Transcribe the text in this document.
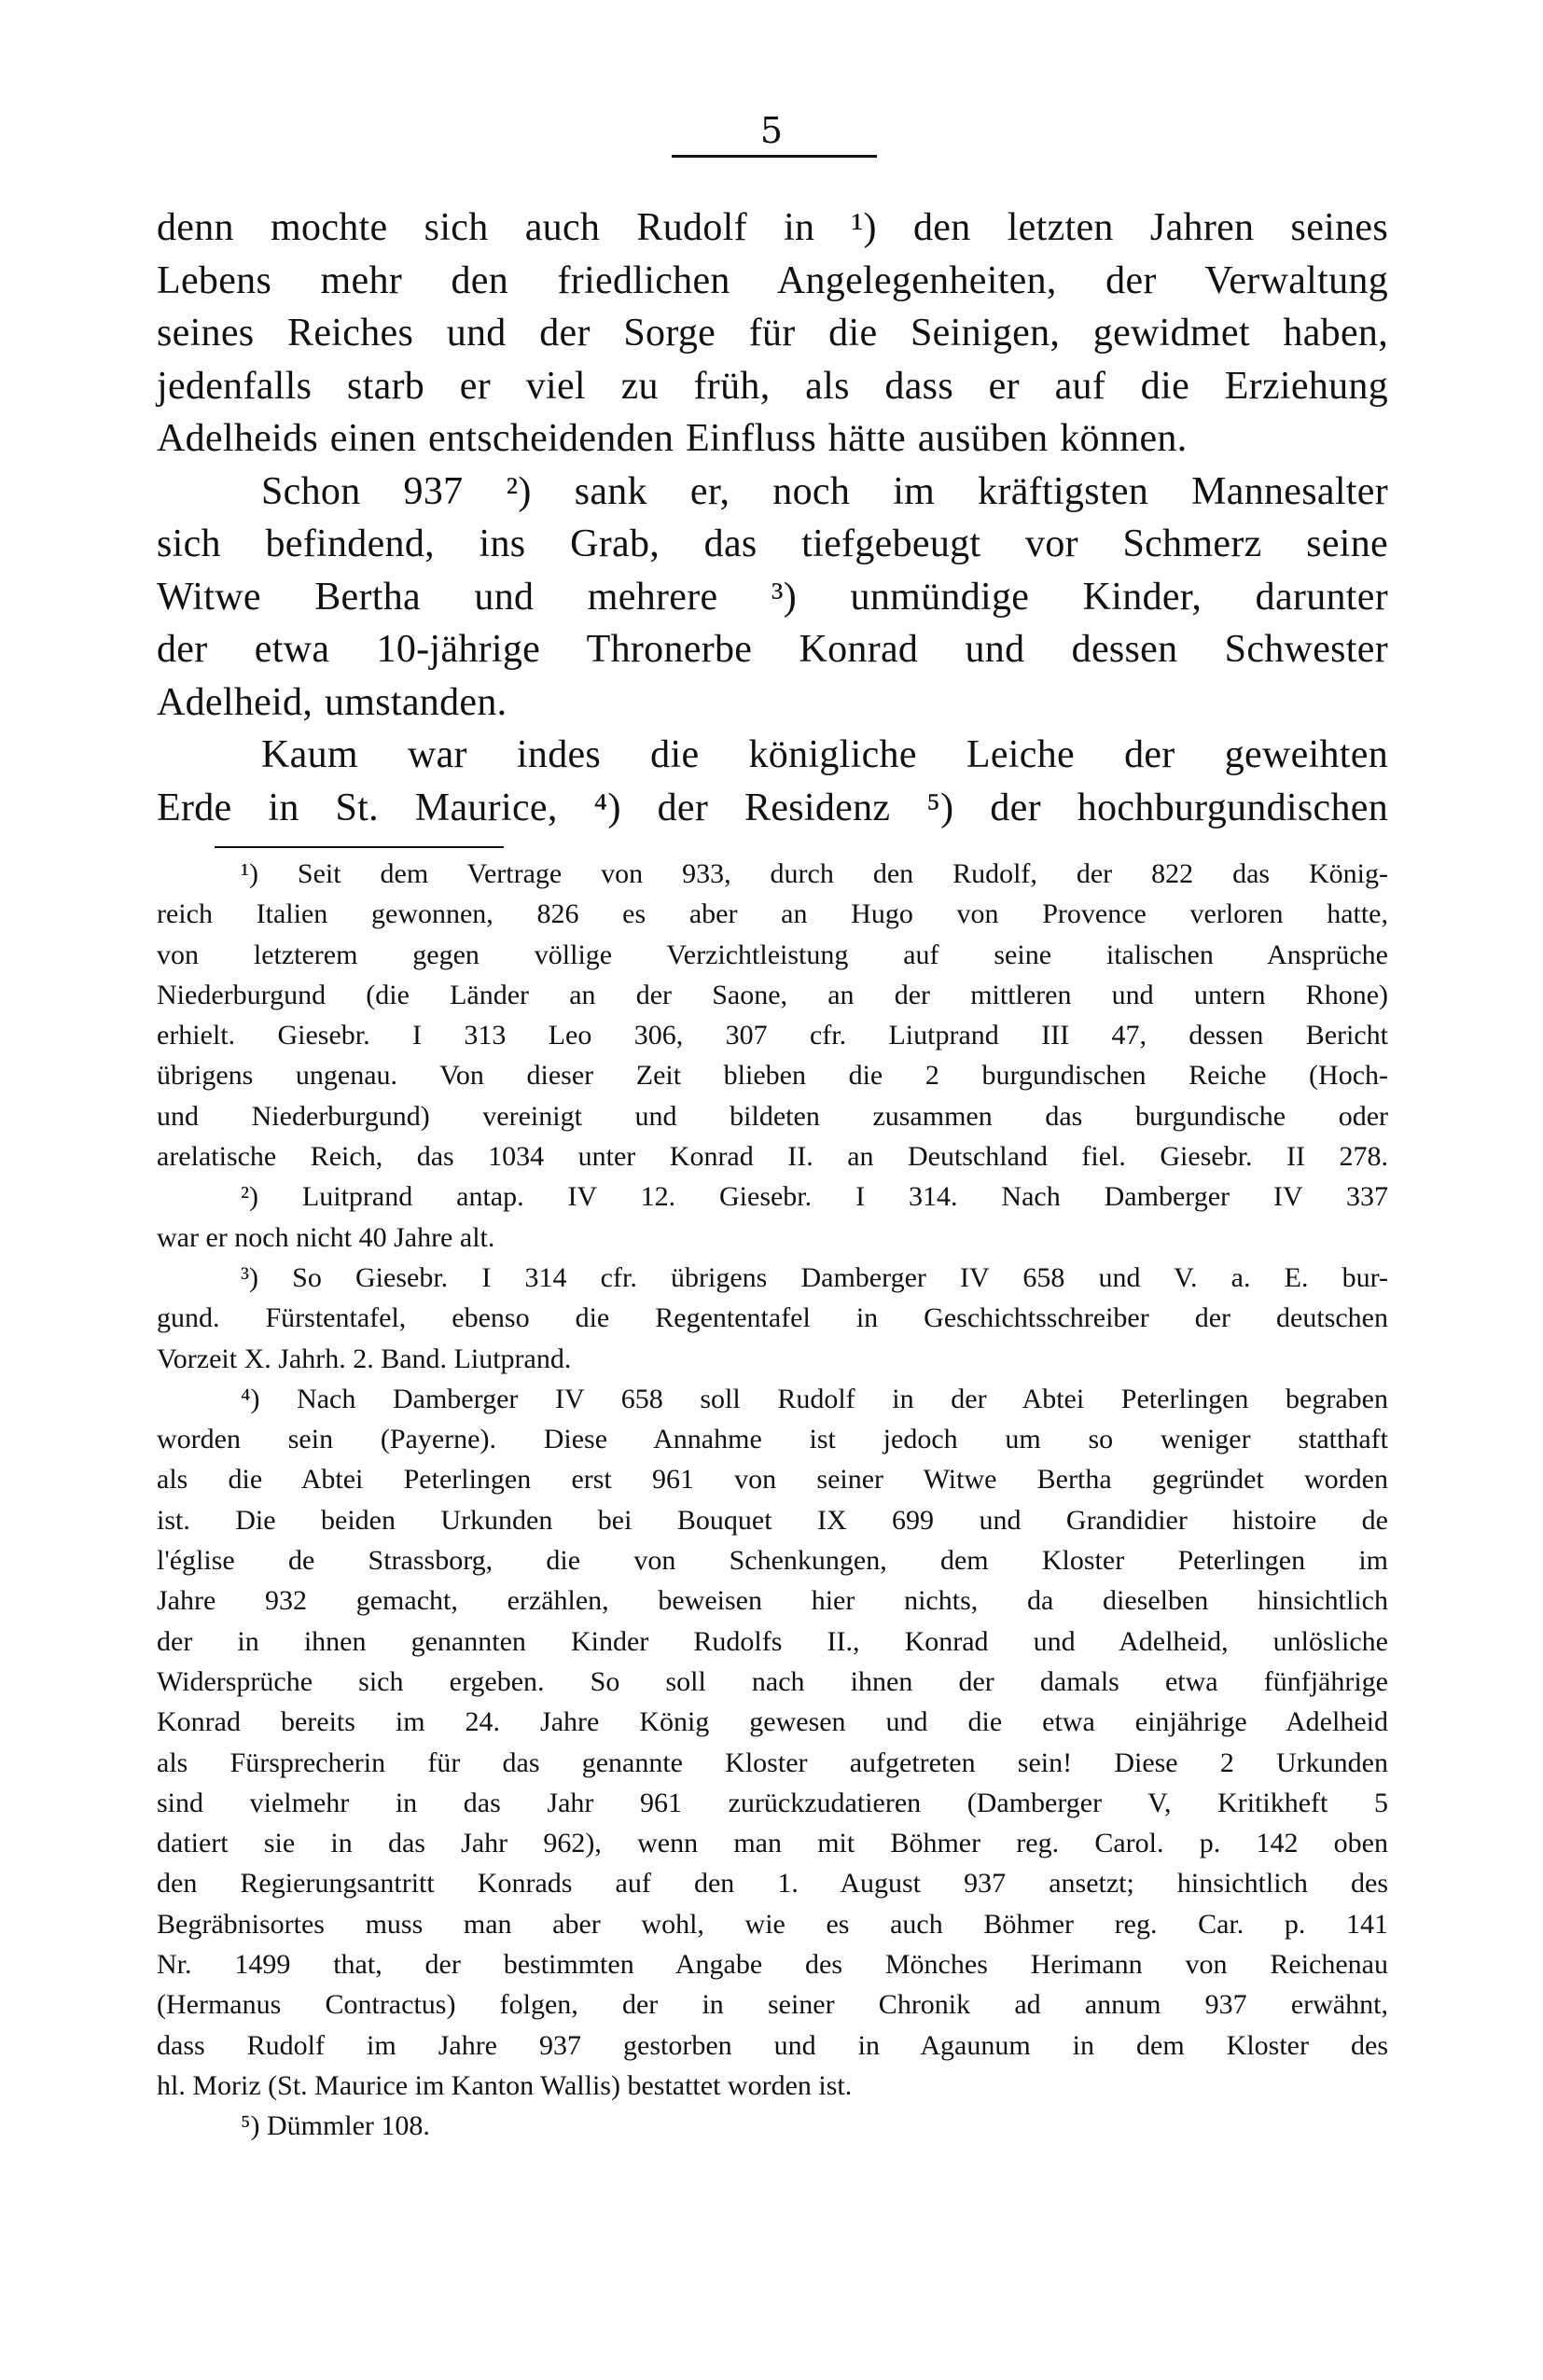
5
denn mochte sich auch Rudolf in ¹) den letzten Jahren seines
Lebens mehr den friedlichen Angelegenheiten, der Verwaltung
seines Reiches und der Sorge für die Seinigen, gewidmet haben,
jedenfalls starb er viel zu früh, als dass er auf die Erziehung
Adelheids einen entscheidenden Einfluss hätte ausüben können.
Schon 937 ²) sank er, noch im kräftigsten Mannesalter
sich befindend, ins Grab, das tiefgebeugt vor Schmerz seine
Witwe Bertha und mehrere ³) unmündige Kinder, darunter
der etwa 10-jährige Thronerbe Konrad und dessen Schwester
Adelheid, umstanden.
Kaum war indes die königliche Leiche der geweihten
Erde in St. Maurice, ⁴) der Residenz ⁵) der hochburgundischen
¹) Seit dem Vertrage von 933, durch den Rudolf, der 822 das König-
reich Italien gewonnen, 826 es aber an Hugo von Provence verloren hatte,
von letzterem gegen völlige Verzichtleistung auf seine italischen Ansprüche
Niederburgund (die Länder an der Saone, an der mittleren und untern Rhone)
erhielt. Giesebr. I 313 Leo 306, 307 cfr. Liutprand III 47, dessen Bericht
übrigens ungenau. Von dieser Zeit blieben die 2 burgundischen Reiche (Hoch-
und Niederburgund) vereinigt und bildeten zusammen das burgundische oder
arelatische Reich, das 1034 unter Konrad II. an Deutschland fiel. Giesebr. II 278.
²) Luitprand antap. IV 12. Giesebr. I 314. Nach Damberger IV 337
war er noch nicht 40 Jahre alt.
³) So Giesebr. I 314 cfr. übrigens Damberger IV 658 und V. a. E. bur-
gund. Fürstentafel, ebenso die Regententafel in Geschichtsschreiber der deutschen
Vorzeit X. Jahrh. 2. Band. Liutprand.
⁴) Nach Damberger IV 658 soll Rudolf in der Abtei Peterlingen begraben
worden sein (Payerne). Diese Annahme ist jedoch um so weniger statthaft
als die Abtei Peterlingen erst 961 von seiner Witwe Bertha gegründet worden
ist. Die beiden Urkunden bei Bouquet IX 699 und Grandidier histoire de
l'église de Strassborg, die von Schenkungen, dem Kloster Peterlingen im
Jahre 932 gemacht, erzählen, beweisen hier nichts, da dieselben hinsichtlich
der in ihnen genannten Kinder Rudolfs II., Konrad und Adelheid, unlösliche
Widersprüche sich ergeben. So soll nach ihnen der damals etwa fünfjährige
Konrad bereits im 24. Jahre König gewesen und die etwa einjährige Adelheid
als Fürsprecherin für das genannte Kloster aufgetreten sein! Diese 2 Urkunden
sind vielmehr in das Jahr 961 zurückzudatieren (Damberger V, Kritikheft 5
datiert sie in das Jahr 962), wenn man mit Böhmer reg. Carol. p. 142 oben
den Regierungsantritt Konrads auf den 1. August 937 ansetzt; hinsichtlich des
Begräbnisortes muss man aber wohl, wie es auch Böhmer reg. Car. p. 141
Nr. 1499 that, der bestimmten Angabe des Mönches Herimann von Reichenau
(Hermanus Contractus) folgen, der in seiner Chronik ad annum 937 erwähnt,
dass Rudolf im Jahre 937 gestorben und in Agaunum in dem Kloster des
hl. Moriz (St. Maurice im Kanton Wallis) bestattet worden ist.
⁵) Dümmler 108.
